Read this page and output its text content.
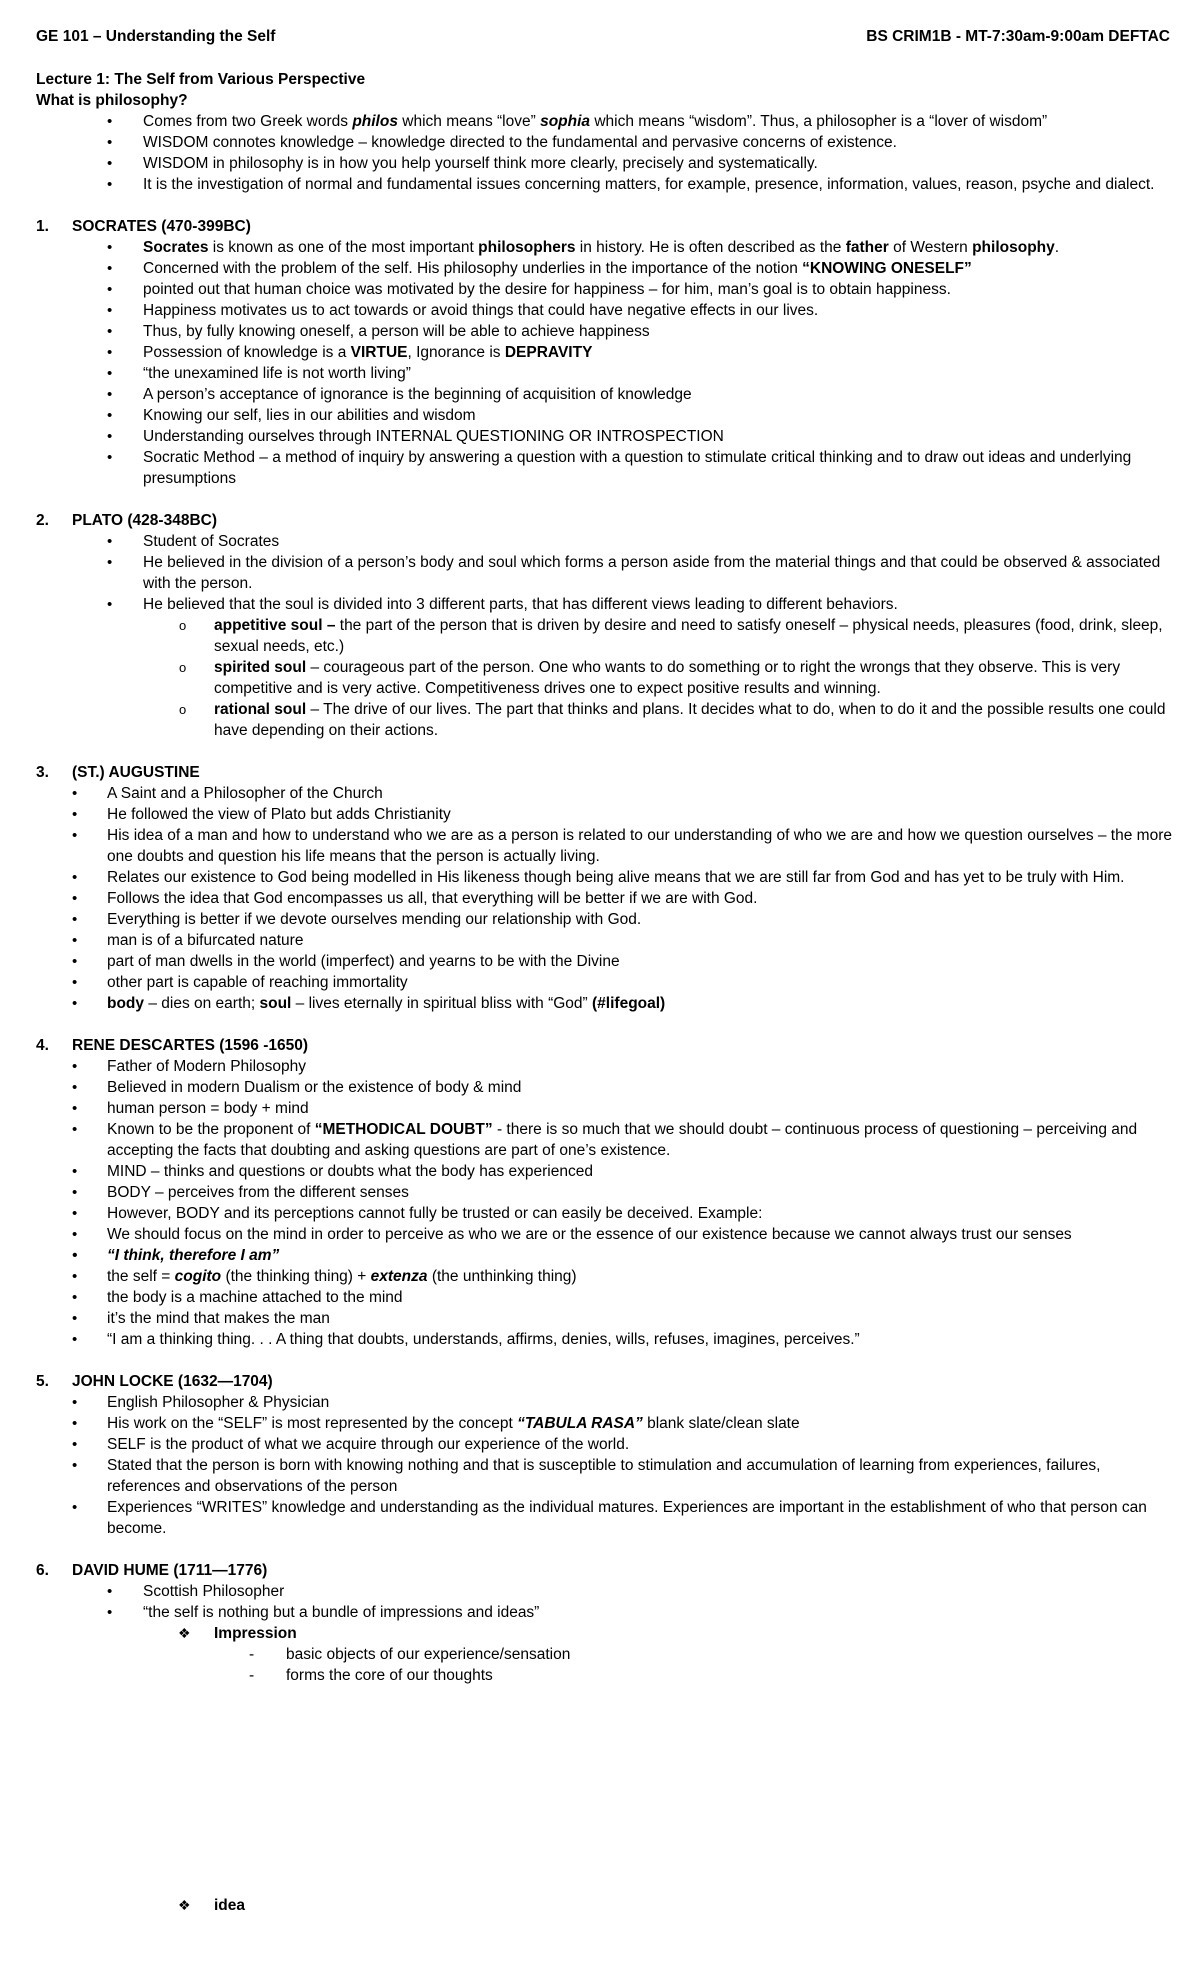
GE 101 – Understanding the Self	BS CRIM1B - MT-7:30am-9:00am DEFTAC
Lecture 1: The Self from Various Perspective
What is philosophy?
• Comes from two Greek words philos which means “love” sophia which means “wisdom”. Thus, a philosopher is a “lover of wisdom”
• WISDOM connotes knowledge – knowledge directed to the fundamental and pervasive concerns of existence.
• WISDOM in philosophy is in how you help yourself think more clearly, precisely and systematically.
• It is the investigation of normal and fundamental issues concerning matters, for example, presence, information, values, reason, psyche and dialect.
1.	SOCRATES (470-399BC)
• Socrates is known as one of the most important philosophers in history. He is often described as the father of Western philosophy.
• Concerned with the problem of the self. His philosophy underlies in the importance of the notion “KNOWING ONESELF”
• pointed out that human choice was motivated by the desire for happiness – for him, man’s goal is to obtain happiness.
• Happiness motivates us to act towards or avoid things that could have negative effects in our lives.
• Thus, by fully knowing oneself, a person will be able to achieve happiness
• Possession of knowledge is a VIRTUE, Ignorance is DEPRAVITY
• “the unexamined life is not worth living”
• A person’s acceptance of ignorance is the beginning of acquisition of knowledge
• Knowing our self, lies in our abilities and wisdom
• Understanding ourselves through INTERNAL QUESTIONING OR INTROSPECTION
• Socratic Method – a method of inquiry by answering a question with a question to stimulate critical thinking and to draw out ideas and underlying presumptions
2.	PLATO (428-348BC)
• Student of Socrates
• He believed in the division of a person’s body and soul which forms a person aside from the material things and that could be observed & associated with the person.
• He believed that the soul is divided into 3 different parts, that has different views leading to different behaviors.
o appetitive soul – the part of the person that is driven by desire and need to satisfy oneself – physical needs, pleasures (food, drink, sleep, sexual needs, etc.)
o spirited soul – courageous part of the person. One who wants to do something or to right the wrongs that they observe. This is very competitive and is very active. Competitiveness drives one to expect positive results and winning.
o rational soul – The drive of our lives. The part that thinks and plans. It decides what to do, when to do it and the possible results one could have depending on their actions.
3.	(ST.) AUGUSTINE
• A Saint and a Philosopher of the Church
• He followed the view of Plato but adds Christianity
• His idea of a man and how to understand who we are as a person is related to our understanding of who we are and how we question ourselves – the more one doubts and question his life means that the person is actually living.
• Relates our existence to God being modelled in His likeness though being alive means that we are still far from God and has yet to be truly with Him.
• Follows the idea that God encompasses us all, that everything will be better if we are with God.
• Everything is better if we devote ourselves mending our relationship with God.
• man is of a bifurcated nature
• part of man dwells in the world (imperfect) and yearns to be with the Divine
• other part is capable of reaching immortality
• body – dies on earth; soul – lives eternally in spiritual bliss with “God” (#lifegoal)
4.	RENE DESCARTES (1596 -1650)
• Father of Modern Philosophy
• Believed in modern Dualism or the existence of body & mind
• human person = body + mind
• Known to be the proponent of “METHODICAL DOUBT” - there is so much that we should doubt – continuous process of questioning – perceiving and accepting the facts that doubting and asking questions are part of one’s existence.
• MIND – thinks and questions or doubts what the body has experienced
• BODY – perceives from the different senses
• However, BODY and its perceptions cannot fully be trusted or can easily be deceived. Example:
• We should focus on the mind in order to perceive as who we are or the essence of our existence because we cannot always trust our senses
• “I think, therefore I am”
• the self = cogito (the thinking thing) + extenza (the unthinking thing)
• the body is a machine attached to the mind
• it’s the mind that makes the man
• “I am a thinking thing. . . A thing that doubts, understands, affirms, denies, wills, refuses, imagines, perceives.”
5.	JOHN LOCKE (1632—1704)
• English Philosopher & Physician
• His work on the “SELF” is most represented by the concept “TABULA RASA” blank slate/clean slate
• SELF is the product of what we acquire through our experience of the world.
• Stated that the person is born with knowing nothing and that is susceptible to stimulation and accumulation of learning from experiences, failures, references and observations of the person
• Experiences “WRITES” knowledge and understanding as the individual matures. Experiences are important in the establishment of who that person can become.
6.	DAVID HUME (1711—1776)
• Scottish Philosopher
• “the self is nothing but a bundle of impressions and ideas”
❖ Impression
- basic objects of our experience/sensation
- forms the core of our thoughts
❖ idea
